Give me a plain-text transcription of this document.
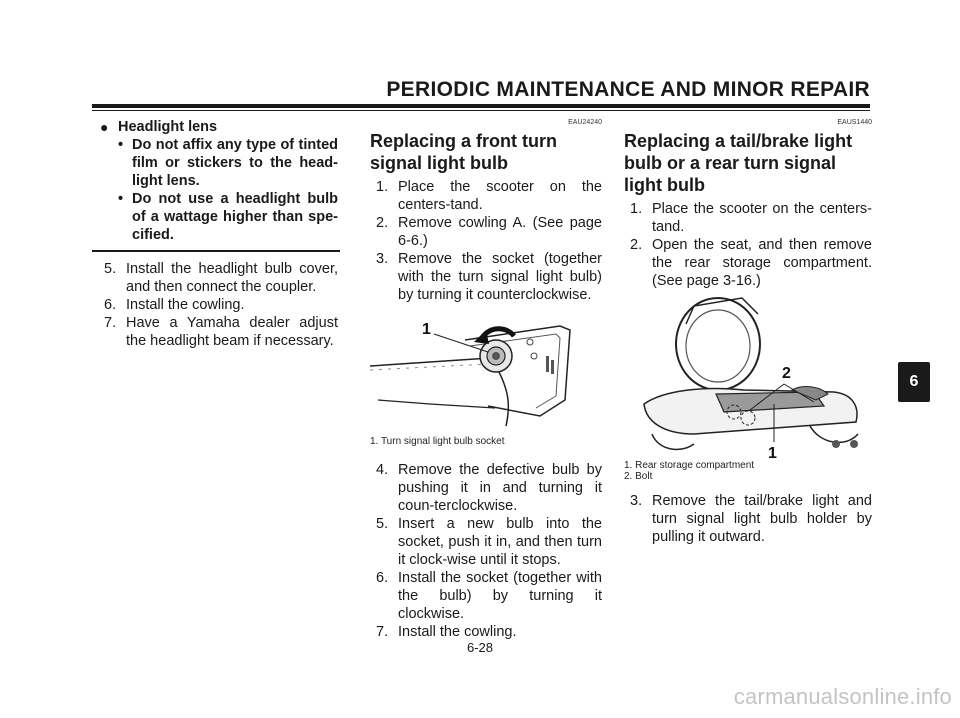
PERIODIC MAINTENANCE AND MINOR REPAIR
● Headlight lens
• Do not affix any type of tinted film or stickers to the head-light lens.
• Do not use a headlight bulb of a wattage higher than spe-cified.
5. Install the headlight bulb cover, and then connect the coupler.
6. Install the cowling.
7. Have a Yamaha dealer adjust the headlight beam if necessary.
EAU24240
Replacing a front turn signal light bulb
1. Place the scooter on the centers-tand.
2. Remove cowling A. (See page 6-6.)
3. Remove the socket (together with the turn signal light bulb) by turning it counterclockwise.
1
1. Turn signal light bulb socket
4. Remove the defective bulb by pushing it in and turning it coun-terclockwise.
5. Insert a new bulb into the socket, push it in, and then turn it clock-wise until it stops.
6. Install the socket (together with the bulb) by turning it clockwise.
7. Install the cowling.
EAUS1440
Replacing a tail/brake light bulb or a rear turn signal light bulb
1. Place the scooter on the centers-tand.
2. Open the seat, and then remove the rear storage compartment. (See page 3-16.)
2
1
1. Rear storage compartment
2. Bolt
3. Remove the tail/brake light and turn signal light bulb holder by pulling it outward.
6-28
6
carmanualsonline.info
